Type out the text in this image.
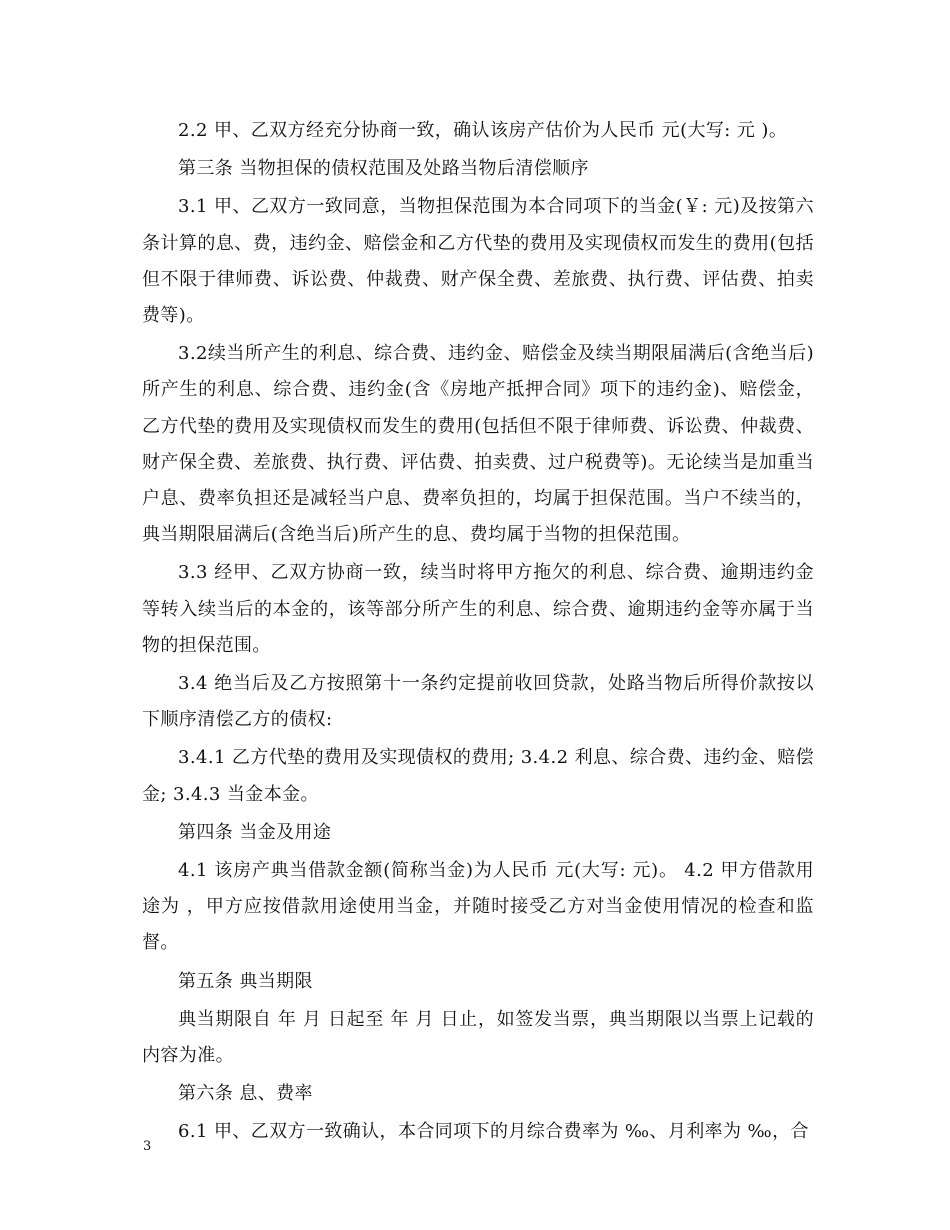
2.2 甲、乙双方经充分协商一致，确认该房产估价为人民币 元(大写: 元 )。

第三条 当物担保的债权范围及处路当物后清偿顺序

3.1 甲、乙双方一致同意，当物担保范围为本合同项下的当金(￥: 元)及按第六条计算的息、费，违约金、赔偿金和乙方代垫的费用及实现债权而发生的费用(包括但不限于律师费、诉讼费、仲裁费、财产保全费、差旅费、执行费、评估费、拍卖费等)。

3.2续当所产生的利息、综合费、违约金、赔偿金及续当期限届满后(含绝当后)所产生的利息、综合费、违约金(含《房地产抵押合同》项下的违约金)、赔偿金，乙方代垫的费用及实现债权而发生的费用(包括但不限于律师费、诉讼费、仲裁费、财产保全费、差旅费、执行费、评估费、拍卖费、过户税费等)。无论续当是加重当户息、费率负担还是减轻当户息、费率负担的，均属于担保范围。当户不续当的，典当期限届满后(含绝当后)所产生的息、费均属于当物的担保范围。

3.3 经甲、乙双方协商一致，续当时将甲方拖欠的利息、综合费、逾期违约金等转入续当后的本金的，该等部分所产生的利息、综合费、逾期违约金等亦属于当物的担保范围。

3.4 绝当后及乙方按照第十一条约定提前收回贷款，处路当物后所得价款按以下顺序清偿乙方的债权:

3.4.1 乙方代垫的费用及实现债权的费用; 3.4.2 利息、综合费、违约金、赔偿金; 3.4.3 当金本金。

第四条 当金及用途

4.1 该房产典当借款金额(简称当金)为人民币 元(大写: 元)。 4.2 甲方借款用途为 ，甲方应按借款用途使用当金，并随时接受乙方对当金使用情况的检查和监督。

第五条 典当期限

典当期限自 年 月 日起至 年 月 日止，如签发当票，典当期限以当票上记载的内容为准。

第六条 息、费率

6.1 甲、乙双方一致确认，本合同项下的月综合费率为 ‰、月利率为 ‰，合

3
